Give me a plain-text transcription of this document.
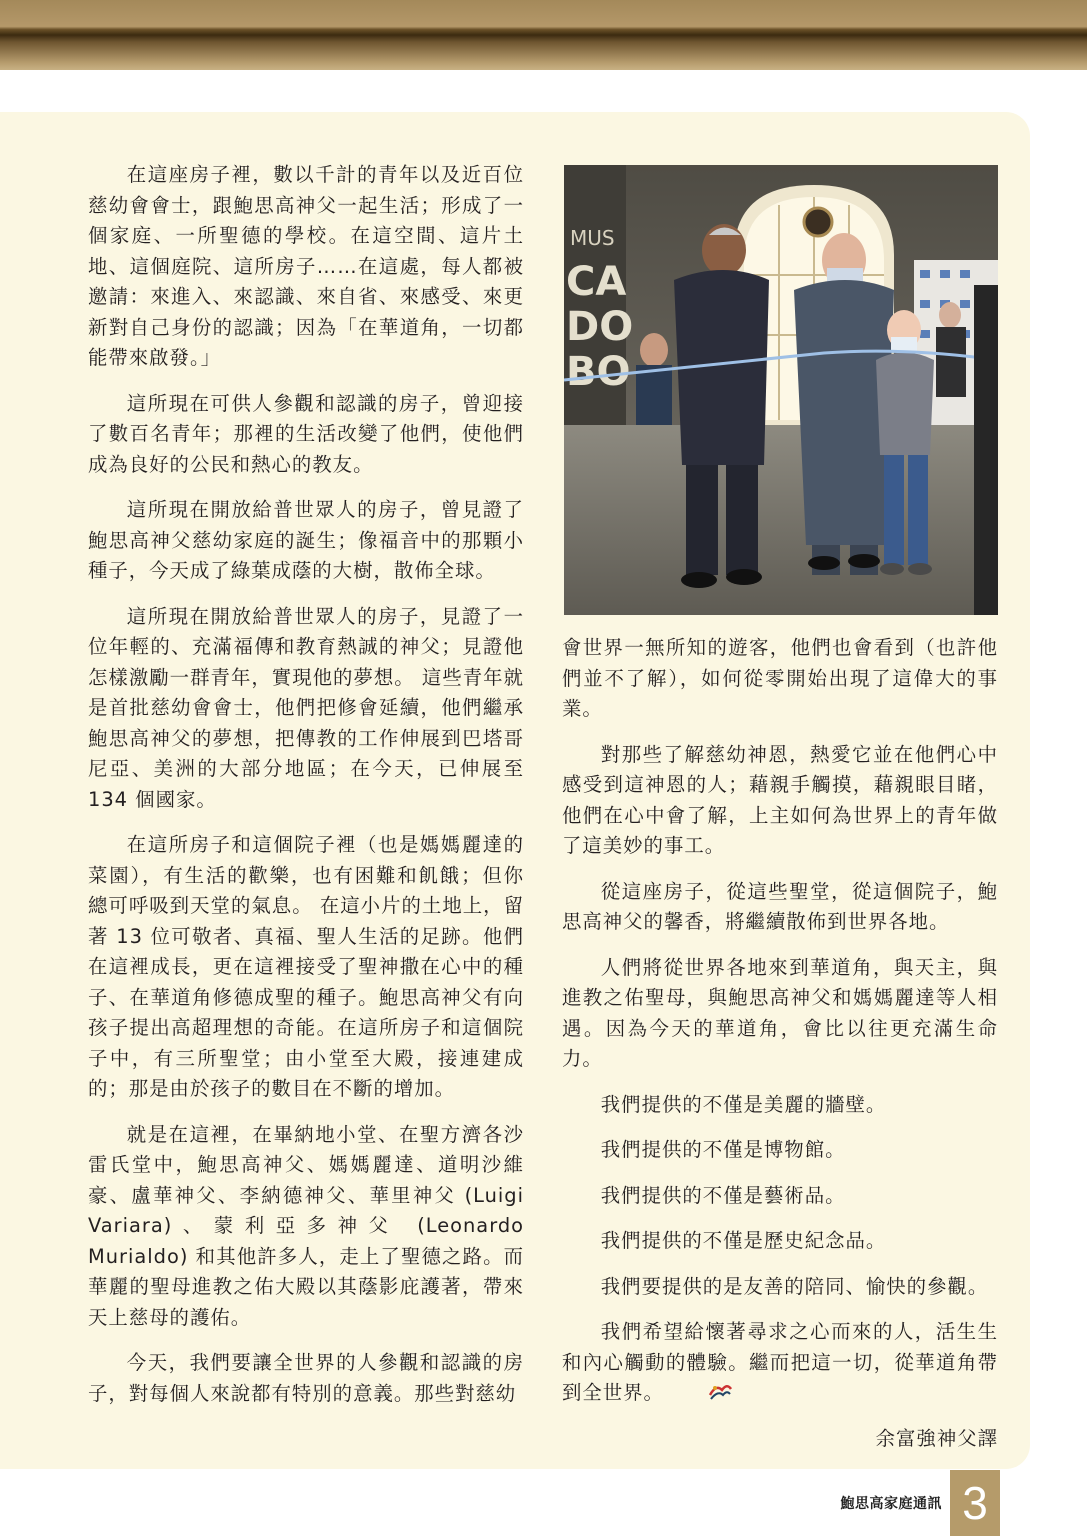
在這座房子裡，數以千計的青年以及近百位慈幼會會士，跟鮑思高神父一起生活；形成了一個家庭、一所聖德的學校。在這空間、這片土地、這個庭院、這所房子……在這處，每人都被邀請：來進入、來認識、來自省、來感受、來更新對自己身份的認識；因為「在華道角，一切都能帶來啟發。」

這所現在可供人參觀和認識的房子，曾迎接了數百名青年；那裡的生活改變了他們，使他們成為良好的公民和熱心的教友。

這所現在開放給普世眾人的房子，曾見證了鮑思高神父慈幼家庭的誕生；像福音中的那顆小種子，今天成了綠葉成蔭的大樹，散佈全球。

這所現在開放給普世眾人的房子，見證了一位年輕的、充滿福傳和教育熱誠的神父；見證他怎樣激勵一群青年，實現他的夢想。 這些青年就是首批慈幼會會士，他們把修會延續，他們繼承鮑思高神父的夢想，把傳教的工作伸展到巴塔哥尼亞、美洲的大部分地區；在今天，已伸展至 134 個國家。

在這所房子和這個院子裡（也是媽媽麗達的菜園），有生活的歡樂，也有困難和飢餓；但你總可呼吸到天堂的氣息。 在這小片的土地上，留著 13 位可敬者、真福、聖人生活的足跡。他們在這裡成長，更在這裡接受了聖神撒在心中的種子、在華道角修德成聖的種子。鮑思高神父有向孩子提出高超理想的奇能。在這所房子和這個院子中，有三所聖堂；由小堂至大殿，接連建成的；那是由於孩子的數目在不斷的增加。

就是在這裡，在畢納地小堂、在聖方濟各沙雷氏堂中，鮑思高神父、媽媽麗達、道明沙維豪、盧華神父、李納德神父、華里神父 (Luigi Variara)、蒙利亞多神父 (Leonardo Murialdo) 和其他許多人，走上了聖德之路。而華麗的聖母進教之佑大殿以其蔭影庇護著，帶來天上慈母的護佑。

今天，我們要讓全世界的人參觀和認識的房子，對每個人來說都有特別的意義。那些對慈幼

MUS
CA
DO
BO

會世界一無所知的遊客，他們也會看到（也許他們並不了解），如何從零開始出現了這偉大的事業。

對那些了解慈幼神恩，熱愛它並在他們心中感受到這神恩的人；藉親手觸摸，藉親眼目睹，他們在心中會了解，上主如何為世界上的青年做了這美妙的事工。

從這座房子，從這些聖堂，從這個院子，鮑思高神父的馨香，將繼續散佈到世界各地。

人們將從世界各地來到華道角，與天主，與進教之佑聖母，與鮑思高神父和媽媽麗達等人相遇。因為今天的華道角，會比以往更充滿生命力。

我們提供的不僅是美麗的牆壁。

我們提供的不僅是博物館。

我們提供的不僅是藝術品。

我們提供的不僅是歷史紀念品。

我們要提供的是友善的陪同、愉快的參觀。

我們希望給懷著尋求之心而來的人，活生生和內心觸動的體驗。繼而把這一切，從華道角帶到全世界。

余富強神父譯

鮑思高家庭通訊 3
